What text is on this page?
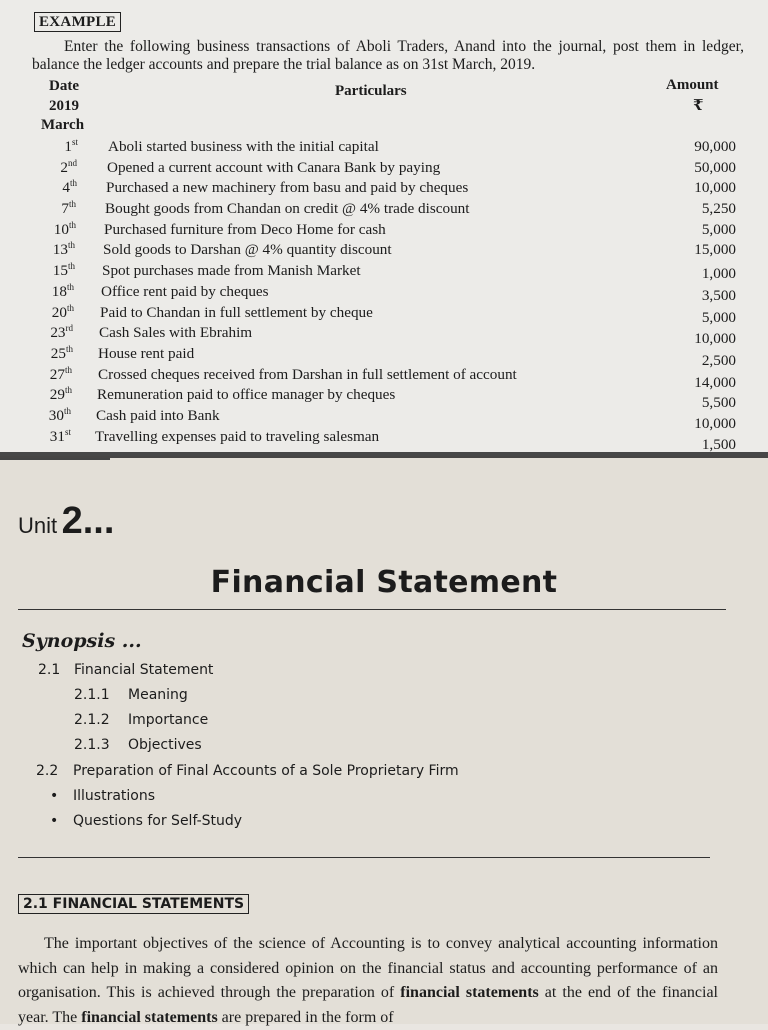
EXAMPLE

Enter the following business transactions of Aboli Traders, Anand into the journal, post them in ledger, balance the ledger accounts and prepare the trial balance as on 31st March, 2019.

Date
2019
March
Particulars	Amount
₹
1st Aboli started business with the initial capital	90,000
2nd Opened a current account with Canara Bank by paying	50,000
4th Purchased a new machinery from basu and paid by cheques	10,000
7th Bought goods from Chandan on credit @ 4% trade discount	5,250
10th Purchased furniture from Deco Home for cash	5,000
13th Sold goods to Darshan @ 4% quantity discount	15,000
15th Spot purchases made from Manish Market	1,000
18th Office rent paid by cheques	3,500
20th Paid to Chandan in full settlement by cheque	5,000
23rd Cash Sales with Ebrahim	10,000
25th House rent paid	2,500
27th Crossed cheques received from Darshan in full settlement of account	14,000
29th Remuneration paid to office manager by cheques	5,500
30th Cash paid into Bank	10,000
31st Travelling expenses paid to traveling salesman	1,500
Unit 2...
Financial Statement
Synopsis ...
2.1 Financial Statement
2.1.1 Meaning
2.1.2 Importance
2.1.3 Objectives
2.2 Preparation of Final Accounts of a Sole Proprietary Firm
• Illustrations
• Questions for Self-Study
2.1 FINANCIAL STATEMENTS

The important objectives of the science of Accounting is to convey analytical accounting information which can help in making a considered opinion on the financial status and accounting performance of an organisation. This is achieved through the preparation of financial statements at the end of the financial year. The financial statements are prepared in the form of
